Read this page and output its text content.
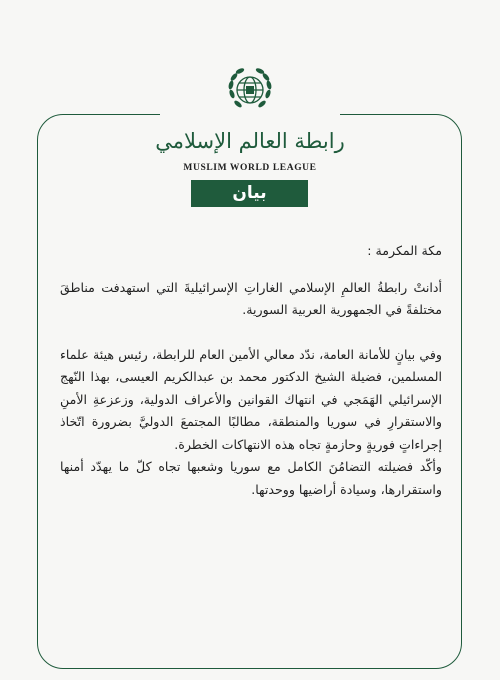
رابطة العالم الإسلامي
MUSLIM WORLD LEAGUE
بيان

مكة المكرمة :

أدانتْ رابطةُ العالمِ الإسلامي الغاراتِ الإسرائيليةَ التي استهدفت مناطقَ مختلفةً في الجمهورية العربية السورية.

وفي بيانٍ للأمانة العامة، ندّد معالي الأمين العام للرابطة، رئيس هيئة علماء المسلمين، فضيلة الشيخ الدكتور محمد بن عبدالكريم العيسى، بهذا النّهج الإسرائيلي الهَمَجي في انتهاك القوانين والأعراف الدولية، وزعزعةِ الأمنِ والاستقرارِ في سوريا والمنطقة، مطالبًا المجتمعَ الدوليَّ بضرورة اتّخاذ إجراءاتٍ فوريةٍ وحازمةٍ تجاه هذه الانتهاكات الخطرة.

وأكّد فضيلته التضامُنَ الكامل مع سوريا وشعبها تجاه كلّ ما يهدّد أمنها واستقرارها، وسيادة أراضيها ووحدتها.
